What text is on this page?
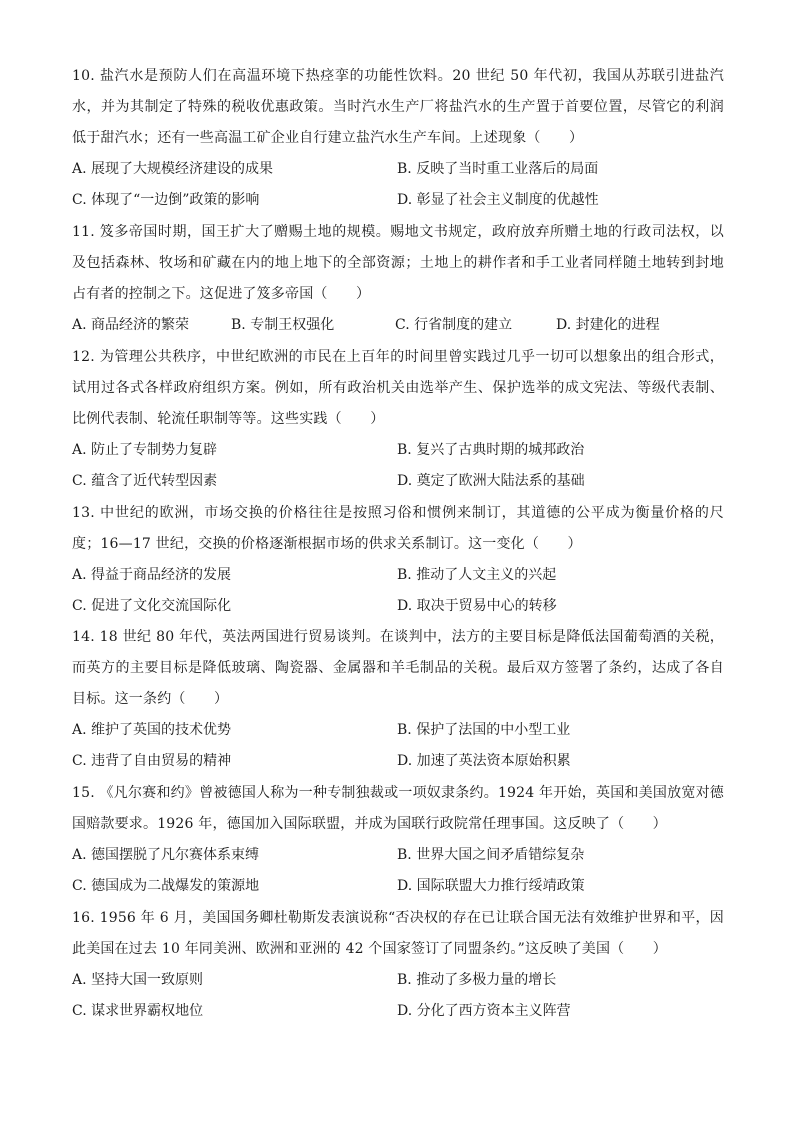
10. 盐汽水是预防人们在高温环境下热痉挛的功能性饮料。20 世纪 50 年代初，我国从苏联引进盐汽水，并为其制定了特殊的税收优惠政策。当时汽水生产厂将盐汽水的生产置于首要位置，尽管它的利润低于甜汽水；还有一些高温工矿企业自行建立盐汽水生产车间。上述现象（　　）

A. 展现了大规模经济建设的成果	B. 反映了当时重工业落后的局面
C. 体现了“一边倒”政策的影响	D. 彰显了社会主义制度的优越性

11. 笈多帝国时期，国王扩大了赠赐土地的规模。赐地文书规定，政府放弃所赠土地的行政司法权，以及包括森林、牧场和矿藏在内的地上地下的全部资源；土地上的耕作者和手工业者同样随土地转到封地占有者的控制之下。这促进了笈多帝国（　　）

A. 商品经济的繁荣	B. 专制王权强化	C. 行省制度的建立	D. 封建化的进程

12. 为管理公共秩序，中世纪欧洲的市民在上百年的时间里曾实践过几乎一切可以想象出的组合形式，试用过各式各样政府组织方案。例如，所有政治机关由选举产生、保护选举的成文宪法、等级代表制、比例代表制、轮流任职制等等。这些实践（　　）

A. 防止了专制势力复辟	B. 复兴了古典时期的城邦政治
C. 蕴含了近代转型因素	D. 奠定了欧洲大陆法系的基础

13. 中世纪的欧洲，市场交换的价格往往是按照习俗和惯例来制订，其道德的公平成为衡量价格的尺度；16—17 世纪，交换的价格逐渐根据市场的供求关系制订。这一变化（　　）

A. 得益于商品经济的发展	B. 推动了人文主义的兴起
C. 促进了文化交流国际化	D. 取决于贸易中心的转移

14. 18 世纪 80 年代，英法两国进行贸易谈判。在谈判中，法方的主要目标是降低法国葡萄酒的关税，而英方的主要目标是降低玻璃、陶瓷器、金属器和羊毛制品的关税。最后双方签署了条约，达成了各自目标。这一条约（　　）

A. 维护了英国的技术优势	B. 保护了法国的中小型工业
C. 违背了自由贸易的精神	D. 加速了英法资本原始积累

15. 《凡尔赛和约》曾被德国人称为一种专制独裁或一项奴隶条约。1924 年开始，英国和美国放宽对德国赔款要求。1926 年，德国加入国际联盟，并成为国联行政院常任理事国。这反映了（　　）

A. 德国摆脱了凡尔赛体系束缚	B. 世界大国之间矛盾错综复杂
C. 德国成为二战爆发的策源地	D. 国际联盟大力推行绥靖政策

16. 1956 年 6 月，美国国务卿杜勒斯发表演说称“否决权的存在已让联合国无法有效维护世界和平，因此美国在过去 10 年同美洲、欧洲和亚洲的 42 个国家签订了同盟条约。”这反映了美国（　　）

A. 坚持大国一致原则	B. 推动了多极力量的增长
C. 谋求世界霸权地位	D. 分化了西方资本主义阵营
